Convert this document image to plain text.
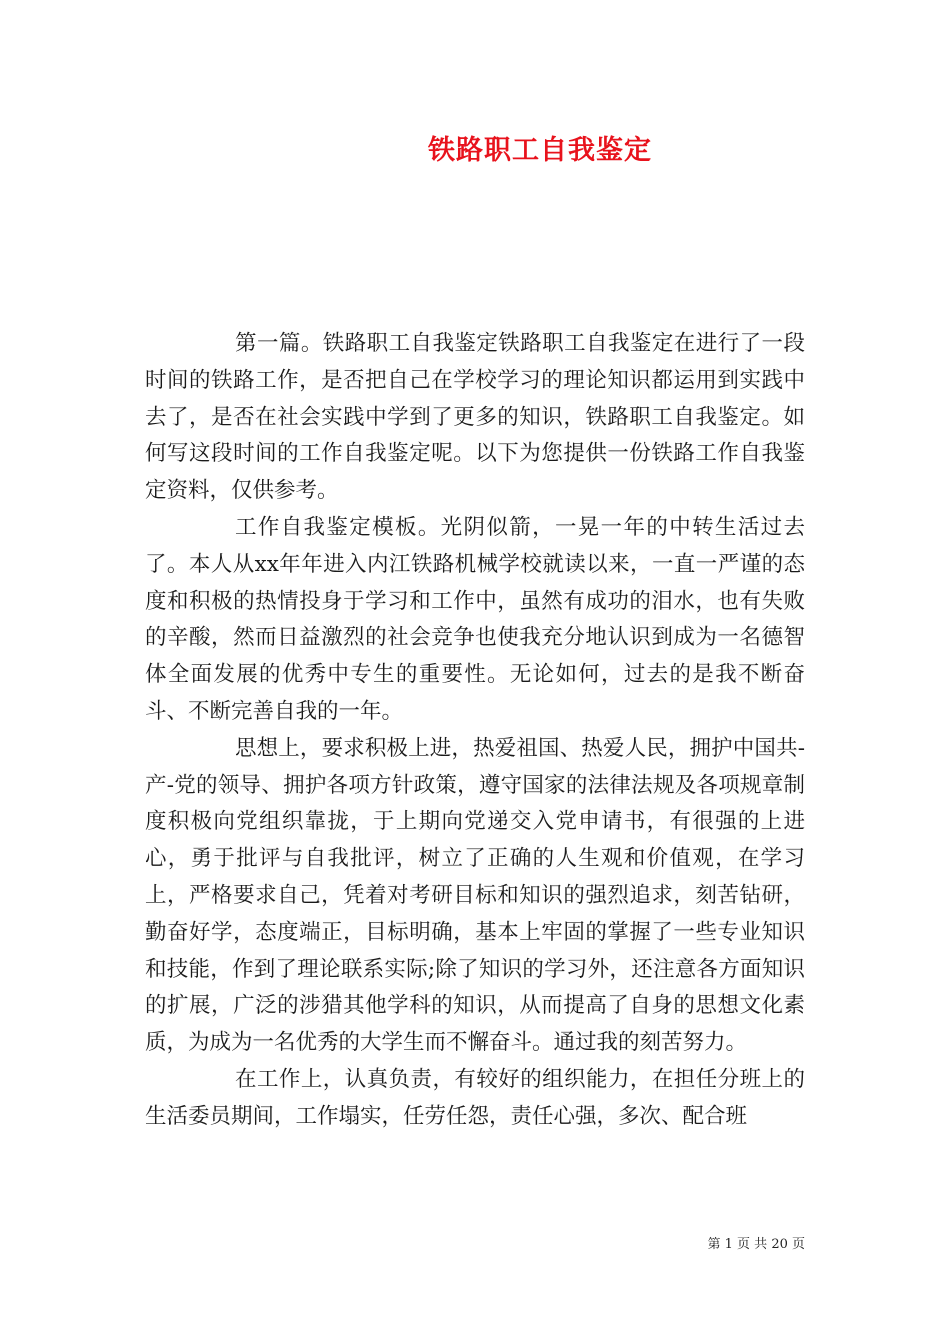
铁路职工自我鉴定

第一篇。铁路职工自我鉴定铁路职工自我鉴定在进行了一段时间的铁路工作，是否把自己在学校学习的理论知识都运用到实践中去了，是否在社会实践中学到了更多的知识，铁路职工自我鉴定。如何写这段时间的工作自我鉴定呢。以下为您提供一份铁路工作自我鉴定资料，仅供参考。

工作自我鉴定模板。光阴似箭，一晃一年的中转生活过去了。本人从xx年年进入内江铁路机械学校就读以来，一直一严谨的态度和积极的热情投身于学习和工作中，虽然有成功的泪水，也有失败的辛酸，然而日益激烈的社会竞争也使我充分地认识到成为一名德智体全面发展的优秀中专生的重要性。无论如何，过去的是我不断奋斗、不断完善自我的一年。

思想上，要求积极上进，热爱祖国、热爱人民，拥护中国共-产-党的领导、拥护各项方针政策，遵守国家的法律法规及各项规章制度积极向党组织靠拢，于上期向党递交入党申请书，有很强的上进心，勇于批评与自我批评，树立了正确的人生观和价值观，在学习上，严格要求自己，凭着对考研目标和知识的强烈追求，刻苦钻研，勤奋好学，态度端正，目标明确，基本上牢固的掌握了一些专业知识和技能，作到了理论联系实际;除了知识的学习外，还注意各方面知识的扩展，广泛的涉猎其他学科的知识，从而提高了自身的思想文化素质，为成为一名优秀的大学生而不懈奋斗。通过我的刻苦努力。

在工作上，认真负责，有较好的组织能力，在担任分班上的生活委员期间，工作塌实，任劳任怨，责任心强，多次、配合班

第 1 页 共 20 页
